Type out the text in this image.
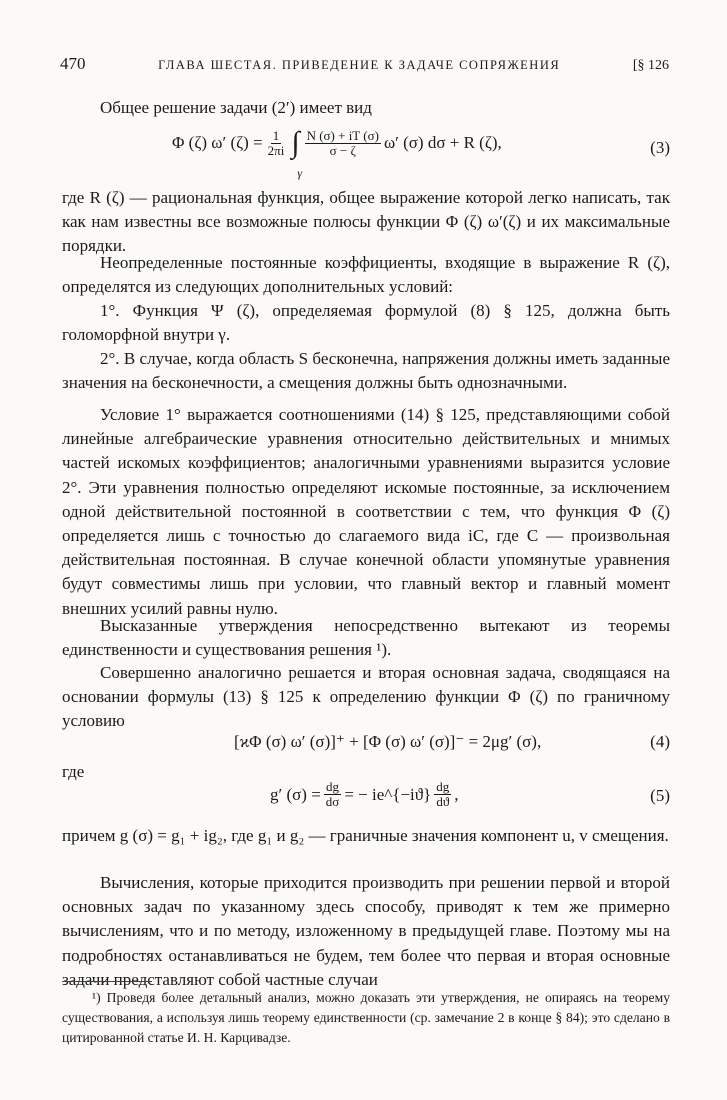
470	ГЛАВА ШЕСТАЯ. ПРИВЕДЕНИЕ К ЗАДАЧЕ СОПРЯЖЕНИЯ	[§ 126

Общее решение задачи (2′) имеет вид

Φ (ζ) ω′ $(\zeta) = \frac{1}{2\pi i}$ ∫
γ
$\frac{N (\sigma) + iT (\sigma)}{\sigma - \zeta} \omega'$ (σ) dσ + R (ζ),	(3)

где R (ζ) — рациональная функция, общее выражение которой легко написать, так как нам известны все возможные полюсы функции Φ (ζ) ω′(ζ) и их максимальные порядки.

Неопределенные постоянные коэффициенты, входящие в выражение R (ζ), определятся из следующих дополнительных условий:

1°. Функция Ψ (ζ), определяемая формулой (8) § 125, должна быть голоморфной внутри γ.

2°. В случае, когда область S бесконечна, напряжения должны иметь заданные значения на бесконечности, а смещения должны быть однозначными.

Условие 1° выражается соотношениями (14) § 125, представляющими собой линейные алгебраические уравнения относительно действительных и мнимых частей искомых коэффициентов; аналогичными уравнениями выразится условие 2°. Эти уравнения полностью определяют искомые постоянные, за исключением одной действительной постоянной в соответствии с тем, что функция Φ (ζ) определяется лишь с точностью до слагаемого вида iC, где C — произвольная действительная постоянная. В случае конечной области упомянутые уравнения будут совместимы лишь при условии, что главный вектор и главный момент внешних усилий равны нулю.

Высказанные утверждения непосредственно вытекают из теоремы единственности и существования решения ¹).

Совершенно аналогично решается и вторая основная задача, сводящаяся на основании формулы (13) § 125 к определению функции Φ (ζ) по граничному условию

[ϰΦ (σ) ω′ (σ)]⁺ + [Φ (σ) ω′ (σ)]⁻ = 2μg′ (σ),	(4)

где

g′ $(\sigma) = \frac{dg}{d\sigma}$ = − ie^{−iϑ} $\frac{dg}{dϑ}$ ,	(5)

причем g (σ) = g₁ + ig₂, где g₁ и g₂ — граничные значения компонент u, v смещения.

Вычисления, которые приходится производить при решении первой и второй основных задач по указанному здесь способу, приводят к тем же примерно вычислениям, что и по методу, изложенному в предыдущей главе. Поэтому мы на подробностях останавливаться не будем, тем более что первая и вторая основные задачи представляют собой частные случаи

¹) Проведя более детальный анализ, можно доказать эти утверждения, не опираясь на теорему существования, а используя лишь теорему единственности (ср. замечание 2 в конце § 84); это сделано в цитированной статье И. Н. Карцивадзе.
